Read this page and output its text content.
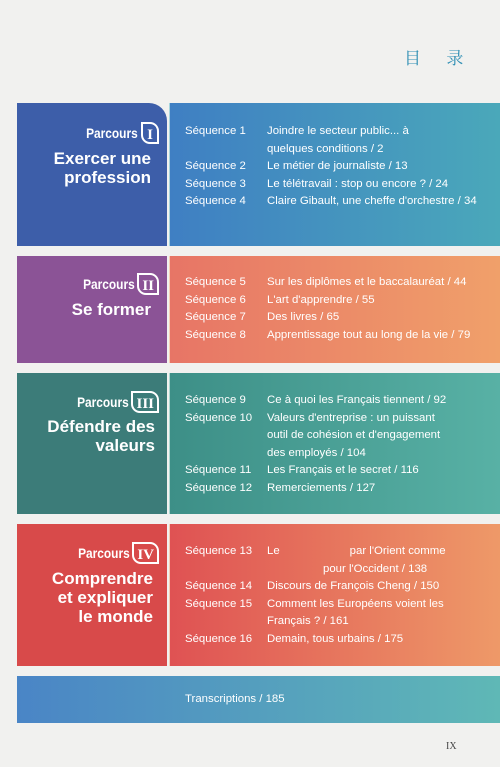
目 录
Parcours I
Exercer une
profession
Séquence 1	Joindre le secteur public... à
quelques conditions / 2
Séquence 2	Le métier de journaliste / 13
Séquence 3	Le télétravail : stop ou encore ? / 24
Séquence 4	Claire Gibault, une cheffe d'orchestre / 34
Parcours II
Se former
Séquence 5	Sur les diplômes et le baccalauréat / 44
Séquence 6	L'art d'apprendre / 55
Séquence 7	Des livres / 65
Séquence 8	Apprentissage tout au long de la vie / 79
Parcours III
Défendre des
valeurs
Séquence 9	Ce à quoi les Français tiennent / 92
Séquence 10	Valeurs d'entreprise : un puissant
outil de cohésion et d'engagement
des employés / 104
Séquence 11	Les Français et le secret / 116
Séquence 12	Remerciements / 127
Parcours IV
Comprendre
et expliquer
le monde
Séquence 13	Le	par l'Orient comme
pour l'Occident / 138
Séquence 14	Discours de François Cheng / 150
Séquence 15	Comment les Européens voient les
Français ? / 161
Séquence 16	Demain, tous urbains / 175
Transcriptions / 185
IX
